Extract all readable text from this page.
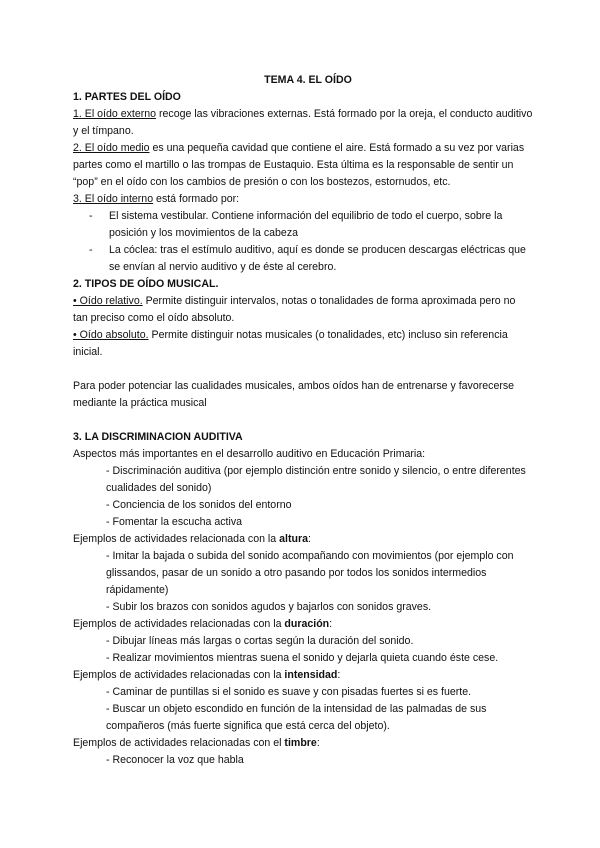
TEMA 4. EL OÍDO

1. PARTES DEL OÍDO

1. El oído externo recoge las vibraciones externas. Está formado por la oreja, el conducto auditivo y el tímpano.

2. El oído medio es una pequeña cavidad que contiene el aire. Está formado a su vez por varias partes como el martillo o las trompas de Eustaquio. Esta última es la responsable de sentir un “pop” en el oído con los cambios de presión o con los bostezos, estornudos, etc.

3. El oído interno está formado por:

- El sistema vestibular. Contiene información del equilibrio de todo el cuerpo, sobre la posición y los movimientos de la cabeza

- La cóclea: tras el estímulo auditivo, aquí es donde se producen descargas eléctricas que se envían al nervio auditivo y de éste al cerebro.

2. TIPOS DE OÍDO MUSICAL.

• Oído relativo. Permite distinguir intervalos, notas o tonalidades de forma aproximada pero no tan preciso como el oído absoluto.

• Oído absoluto. Permite distinguir notas musicales (o tonalidades, etc) incluso sin referencia inicial.

Para poder potenciar las cualidades musicales, ambos oídos han de entrenarse y favorecerse mediante la práctica musical

3. LA DISCRIMINACION AUDITIVA

Aspectos más importantes en el desarrollo auditivo en Educación Primaria:

- Discriminación auditiva (por ejemplo distinción entre sonido y silencio, o entre diferentes cualidades del sonido)

- Conciencia de los sonidos del entorno

- Fomentar la escucha activa

Ejemplos de actividades relacionada con la altura:

- Imitar la bajada o subida del sonido acompañando con movimientos (por ejemplo con glissandos, pasar de un sonido a otro pasando por todos los sonidos intermedios rápidamente)

- Subir los brazos con sonidos agudos y bajarlos con sonidos graves.

Ejemplos de actividades relacionadas con la duración:

- Dibujar líneas más largas o cortas según la duración del sonido.

- Realizar movimientos mientras suena el sonido y dejarla quieta cuando éste cese.

Ejemplos de actividades relacionadas con la intensidad:

- Caminar de puntillas si el sonido es suave y con pisadas fuertes si es fuerte.

- Buscar un objeto escondido en función de la intensidad de las palmadas de sus compañeros (más fuerte significa que está cerca del objeto).

Ejemplos de actividades relacionadas con el timbre:

- Reconocer la voz que habla
